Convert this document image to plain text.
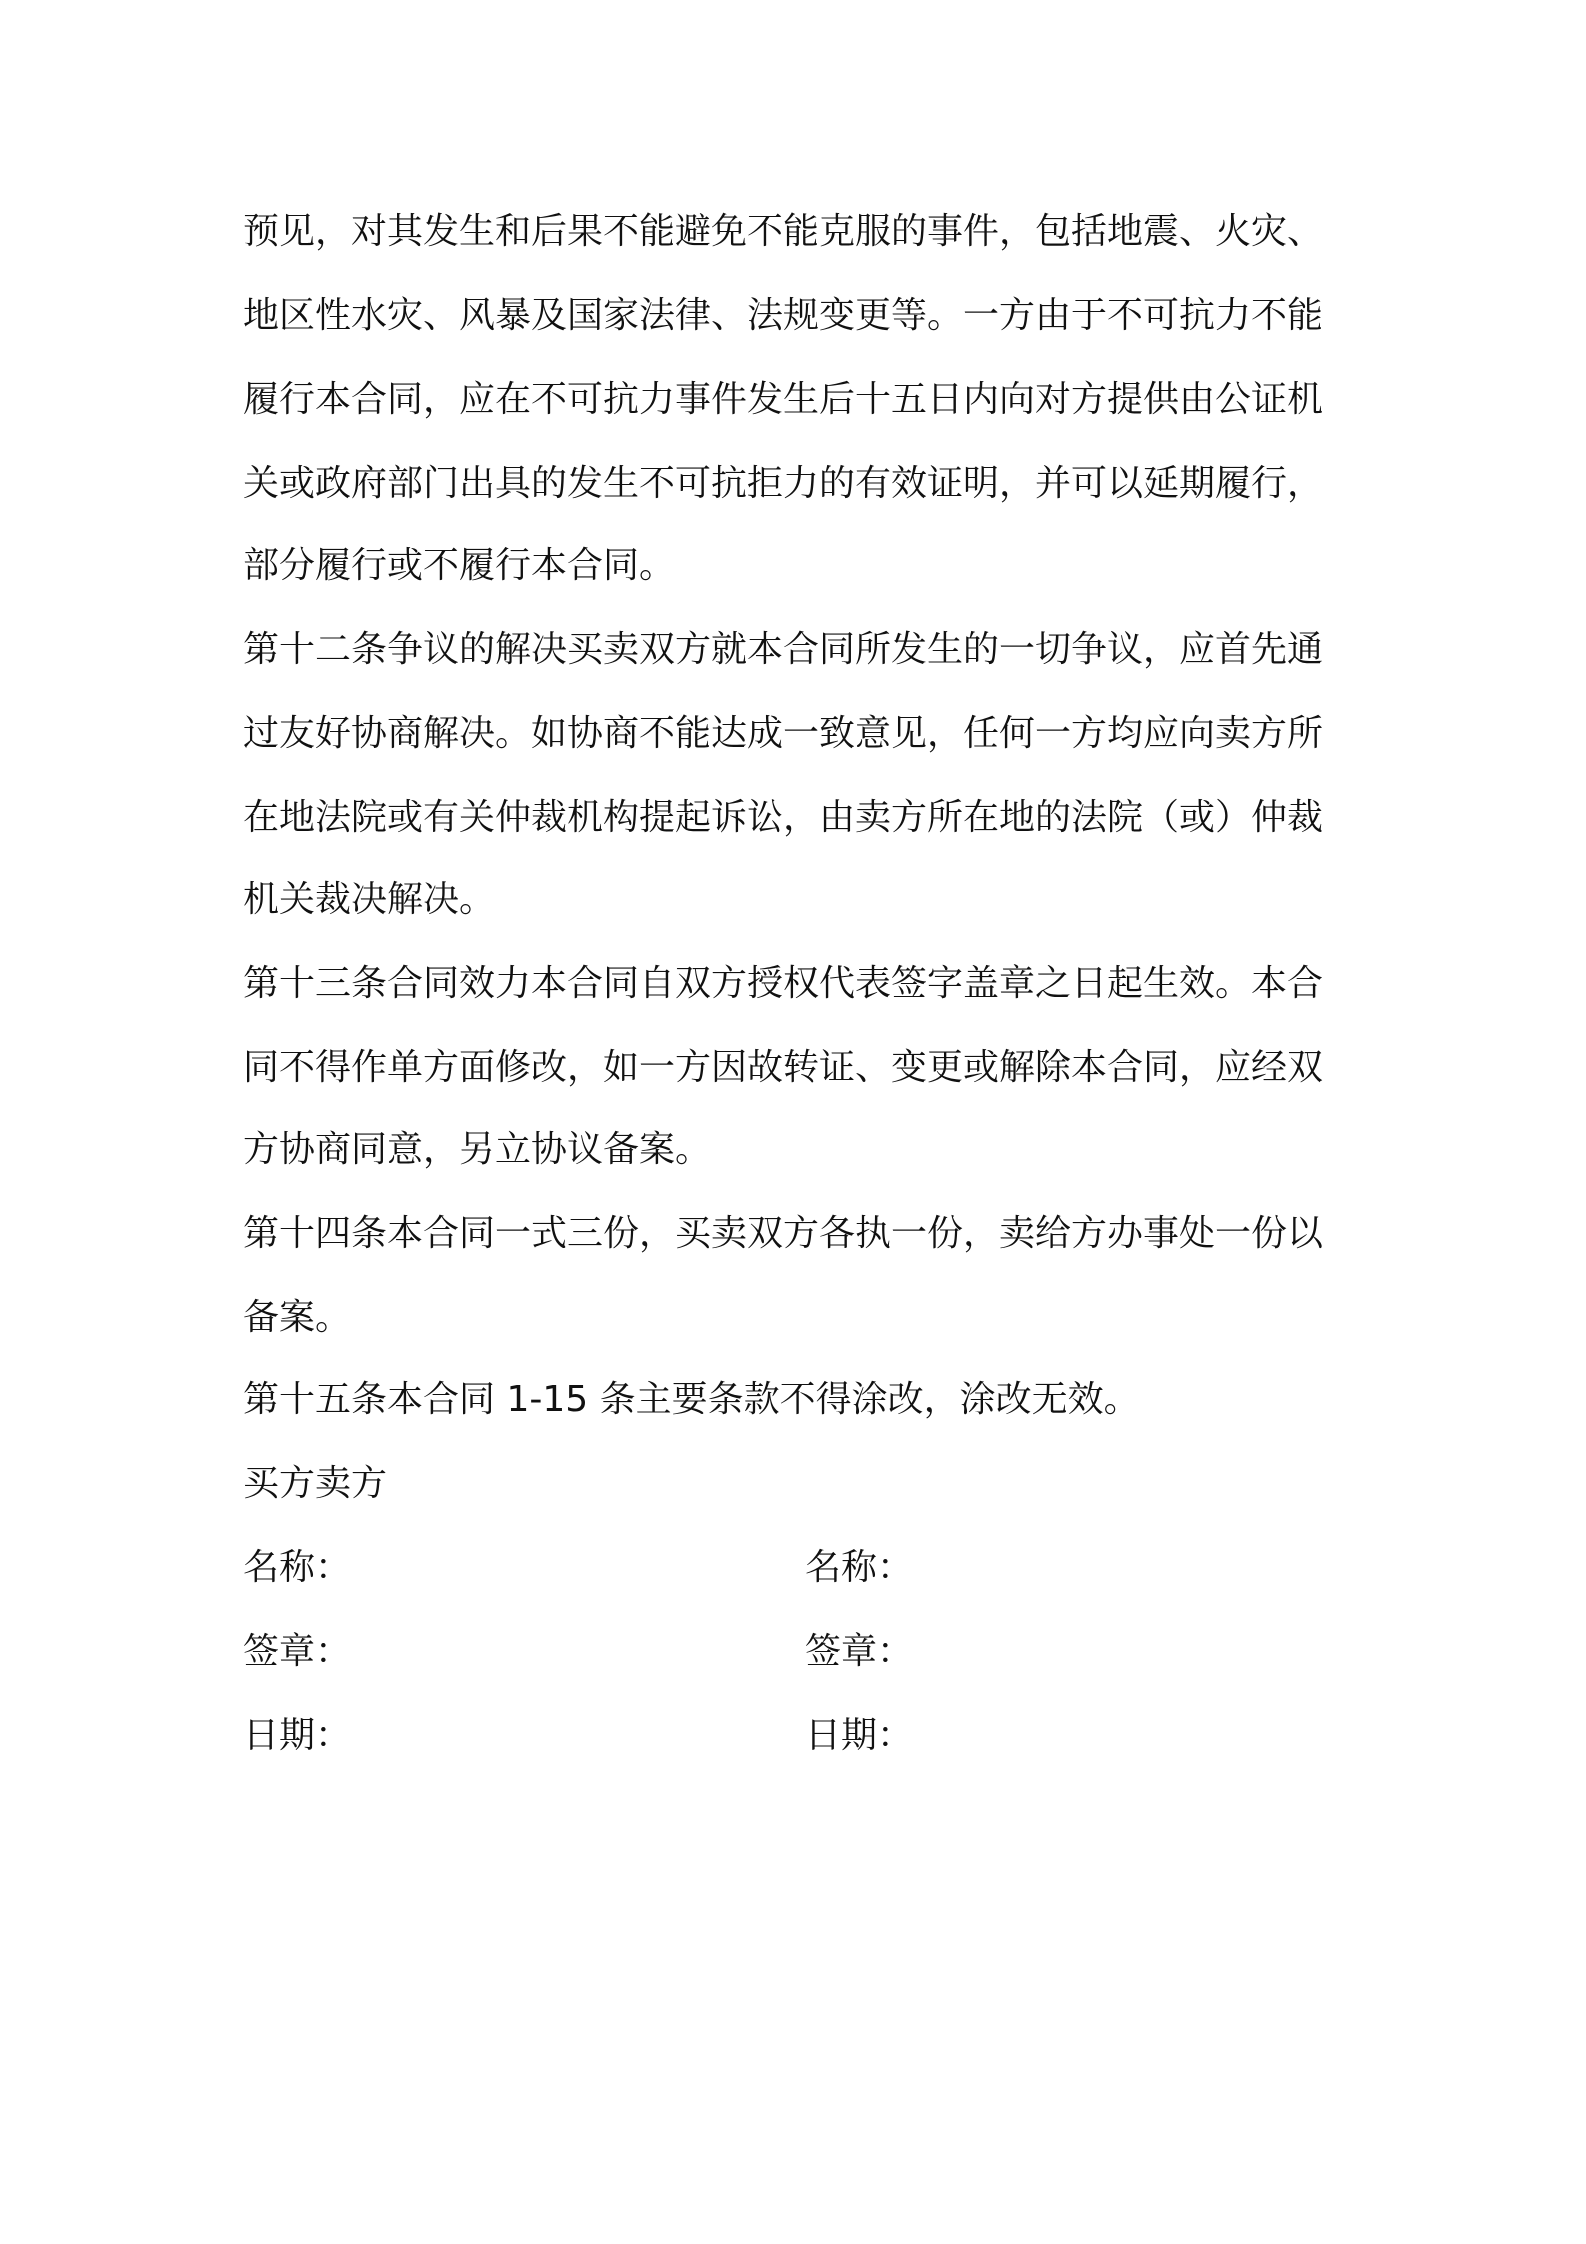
预见，对其发生和后果不能避免不能克服的事件，包括地震、火灾、
地区性水灾、风暴及国家法律、法规变更等。一方由于不可抗力不能
履行本合同，应在不可抗力事件发生后十五日内向对方提供由公证机
关或政府部门出具的发生不可抗拒力的有效证明，并可以延期履行，
部分履行或不履行本合同。
第十二条争议的解决买卖双方就本合同所发生的一切争议，应首先通
过友好协商解决。如协商不能达成一致意见，任何一方均应向卖方所
在地法院或有关仲裁机构提起诉讼，由卖方所在地的法院（或）仲裁
机关裁决解决。
第十三条合同效力本合同自双方授权代表签字盖章之日起生效。本合
同不得作单方面修改，如一方因故转证、变更或解除本合同，应经双
方协商同意，另立协议备案。
第十四条本合同一式三份，买卖双方各执一份，卖给方办事处一份以
备案。
第十五条本合同 1-15 条主要条款不得涂改，涂改无效。
买方卖方
名称：
签章：
日期：
名称：
签章：
日期：
